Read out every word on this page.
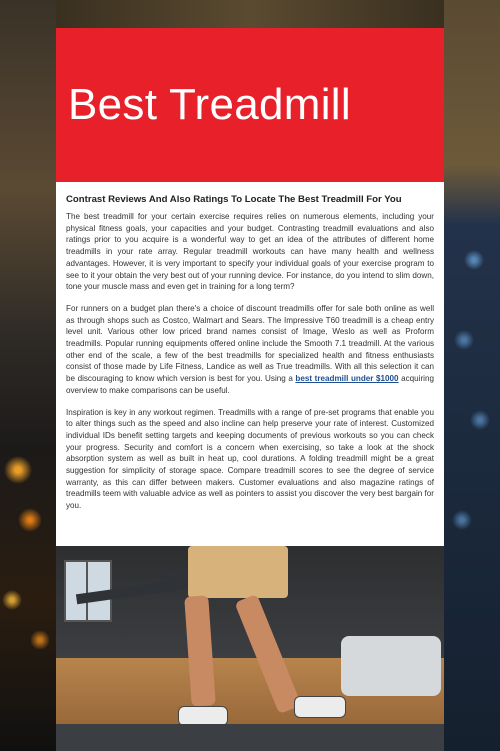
Best Treadmill
Contrast Reviews And Also Ratings To Locate The Best Treadmill For You

The best treadmill for your certain exercise requires relies on numerous elements, including your physical fitness goals, your capacities and your budget. Contrasting treadmill evaluations and also ratings prior to you acquire is a wonderful way to get an idea of the attributes of different home treadmills in your rate array. Regular treadmill workouts can have many health and wellness advantages. However, it is very important to specify your individual goals of your exercise program to see to it your obtain the very best out of your running device. For instance, do you intend to slim down, tone your muscle mass and even get in training for a long term?

For runners on a budget plan there's a choice of discount treadmills offer for sale both online as well as through shops such as Costco, Walmart and Sears. The Impressive T60 treadmill is a cheap entry level unit. Various other low priced brand names consist of Image, Weslo as well as Proform treadmills. Popular running equipments offered online include the Smooth 7.1 treadmill. At the various other end of the scale, a few of the best treadmills for specialized health and fitness enthusiasts consist of those made by Life Fitness, Landice as well as True treadmills. With all this selection it can be discouraging to know which version is best for you. Using a best treadmill under $1000 acquiring overview to make comparisons can be useful.

Inspiration is key in any workout regimen. Treadmills with a range of pre-set programs that enable you to alter things such as the speed and also incline can help preserve your rate of interest. Customized individual IDs benefit setting targets and keeping documents of previous workouts so you can check your progress. Security and comfort is a concern when exercising, so take a look at the shock absorption system as well as built in heat up, cool durations. A folding treadmill might be a great suggestion for simplicity of storage space. Compare treadmill scores to see the degree of service warranty, as this can differ between makers. Customer evaluations and also magazine ratings of treadmills teem with valuable advice as well as pointers to assist you discover the very best bargain for you.
